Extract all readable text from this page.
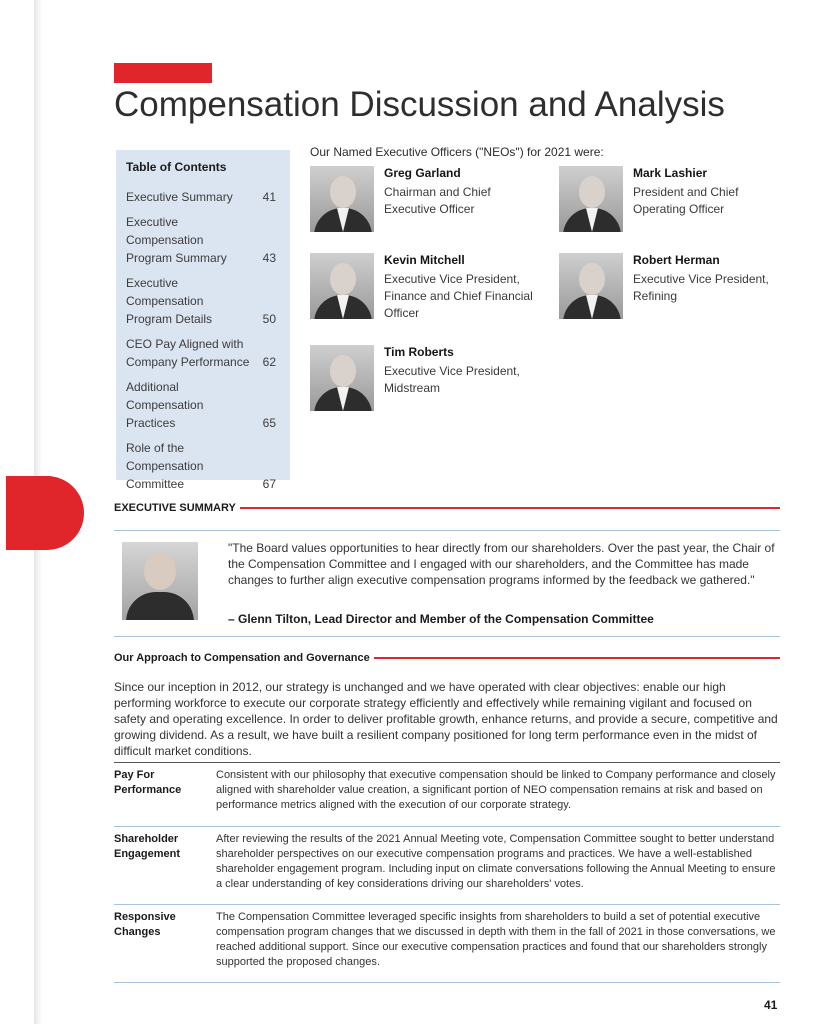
Compensation Discussion and Analysis
Table of Contents
Executive Summary	41
Executive Compensation Program Summary	43
Executive Compensation Program Details	50
CEO Pay Aligned with Company Performance 62
Additional Compensation Practices	65
Role of the Compensation Committee	67
Our Named Executive Officers ("NEOs") for 2021 were:
Greg Garland
Chairman and Chief Executive Officer
Mark Lashier
President and Chief Operating Officer
Kevin Mitchell
Executive Vice President, Finance and Chief Financial Officer
Robert Herman
Executive Vice President, Refining
Tim Roberts
Executive Vice President, Midstream
EXECUTIVE SUMMARY
"The Board values opportunities to hear directly from our shareholders. Over the past year, the Chair of the Compensation Committee and I engaged with our shareholders, and the Committee has made changes to further align executive compensation programs informed by the feedback we gathered."
– Glenn Tilton, Lead Director and Member of the Compensation Committee
Our Approach to Compensation and Governance
Since our inception in 2012, our strategy is unchanged and we have operated with clear objectives: enable our high performing workforce to execute our corporate strategy efficiently and effectively while remaining vigilant and focused on safety and operating excellence. In order to deliver profitable growth, enhance returns, and provide a secure, competitive and growing dividend. As a result, we have built a resilient company positioned for long term performance even in the midst of difficult market conditions.
Pay For Performance
Consistent with our philosophy that executive compensation should be linked to Company performance and closely aligned with shareholder value creation, a significant portion of NEO compensation remains at risk and based on performance metrics aligned with the execution of our corporate strategy.
Shareholder Engagement
After reviewing the results of the 2021 Annual Meeting vote, Compensation Committee sought to better understand shareholder perspectives on our executive compensation programs and practices. We have a well-established shareholder engagement program. Including input on climate conversations following the Annual Meeting to ensure a clear understanding of key considerations driving our shareholders' votes.
Responsive Changes
The Compensation Committee leveraged specific insights from shareholders to build a set of potential executive compensation program changes that we discussed in depth with them in the fall of 2021 in those conversations, we reached additional support. Since our executive compensation practices and found that our shareholders strongly supported the proposed changes.
41
